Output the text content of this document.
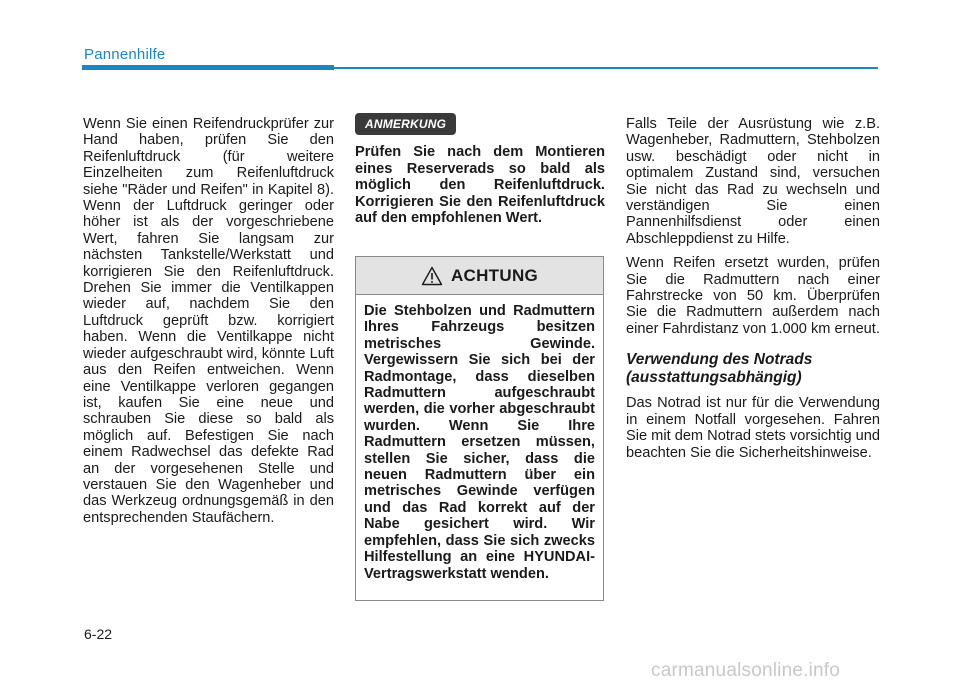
Pannenhilfe

Wenn Sie einen Reifendruckprüfer zur Hand haben, prüfen Sie den Reifenluftdruck (für weitere Einzelheiten zum Reifenluftdruck siehe "Räder und Reifen" in Kapitel 8). Wenn der Luftdruck geringer oder höher ist als der vorgeschriebene Wert, fahren Sie langsam zur nächsten Tankstelle/Werkstatt und korrigieren Sie den Reifenluftdruck. Drehen Sie immer die Ventilkappen wieder auf, nachdem Sie den Luftdruck geprüft bzw. korrigiert haben. Wenn die Ventilkappe nicht wieder aufgeschraubt wird, könnte Luft aus den Reifen entweichen. Wenn eine Ventilkappe verloren gegangen ist, kaufen Sie eine neue und schrauben Sie diese so bald als möglich auf. Befestigen Sie nach einem Radwechsel das defekte Rad an der vorgesehenen Stelle und verstauen Sie den Wagenheber und das Werkzeug ordnungsgemäß in den entsprechenden Staufächern.

ANMERKUNG

Prüfen Sie nach dem Montieren eines Reserverads so bald als möglich den Reifenluftdruck. Korrigieren Sie den Reifenluftdruck auf den empfohlenen Wert.

ACHTUNG
Die Stehbolzen und Radmuttern Ihres Fahrzeugs besitzen metrisches Gewinde. Vergewissern Sie sich bei der Radmontage, dass dieselben Radmuttern aufgeschraubt werden, die vorher abgeschraubt wurden. Wenn Sie Ihre Radmuttern ersetzen müssen, stellen Sie sicher, dass die neuen Radmuttern über ein metrisches Gewinde verfügen und das Rad korrekt auf der Nabe gesichert wird. Wir empfehlen, dass Sie sich zwecks Hilfestellung an eine HYUNDAI-Vertragswerkstatt wenden.

Falls Teile der Ausrüstung wie z.B. Wagenheber, Radmuttern, Stehbolzen usw. beschädigt oder nicht in optimalem Zustand sind, versuchen Sie nicht das Rad zu wechseln und verständigen Sie einen Pannenhilfsdienst oder einen Abschleppdienst zu Hilfe.

Wenn Reifen ersetzt wurden, prüfen Sie die Radmuttern nach einer Fahrstrecke von 50 km. Überprüfen Sie die Radmuttern außerdem nach einer Fahrdistanz von 1.000 km erneut.

Verwendung des Notrads
(ausstattungsabhängig)

Das Notrad ist nur für die Verwendung in einem Notfall vorgesehen. Fahren Sie mit dem Notrad stets vorsichtig und beachten Sie die Sicherheitshinweise.

6-22
carmanualsonline.info
